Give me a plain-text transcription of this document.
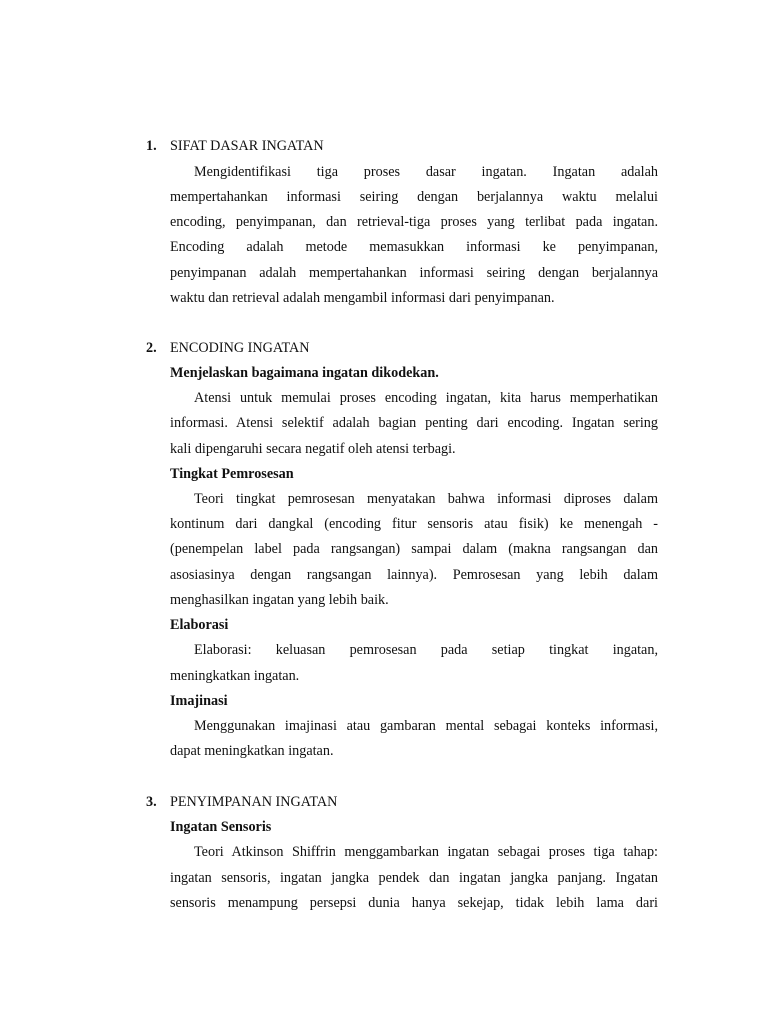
1. SIFAT DASAR INGATAN
Mengidentifikasi tiga proses dasar ingatan. Ingatan adalah
mempertahankan informasi seiring dengan berjalannya waktu melalui
encoding, penyimpanan, dan retrieval-tiga proses yang terlibat pada ingatan.
Encoding adalah metode memasukkan informasi ke penyimpanan,
penyimpanan adalah mempertahankan informasi seiring dengan berjalannya
waktu dan retrieval adalah mengambil informasi dari penyimpanan.
2. ENCODING INGATAN
Menjelaskan bagaimana ingatan dikodekan.
Atensi untuk memulai proses encoding ingatan, kita harus memperhatikan
informasi. Atensi selektif adalah bagian penting dari encoding. Ingatan sering
kali dipengaruhi secara negatif oleh atensi terbagi.
Tingkat Pemrosesan
Teori tingkat pemrosesan menyatakan bahwa informasi diproses dalam
kontinum dari dangkal (encoding fitur sensoris atau fisik) ke menengah -
(penempelan label pada rangsangan) sampai dalam (makna rangsangan dan
asosiasinya dengan rangsangan lainnya). Pemrosesan yang lebih dalam
menghasilkan ingatan yang lebih baik.
Elaborasi
Elaborasi: keluasan pemrosesan pada setiap tingkat ingatan,
meningkatkan ingatan.
Imajinasi
Menggunakan imajinasi atau gambaran mental sebagai konteks informasi,
dapat meningkatkan ingatan.
3. PENYIMPANAN INGATAN
Ingatan Sensoris
Teori Atkinson Shiffrin menggambarkan ingatan sebagai proses tiga tahap:
ingatan sensoris, ingatan jangka pendek dan ingatan jangka panjang. Ingatan
sensoris menampung persepsi dunia hanya sekejap, tidak lebih lama dari
